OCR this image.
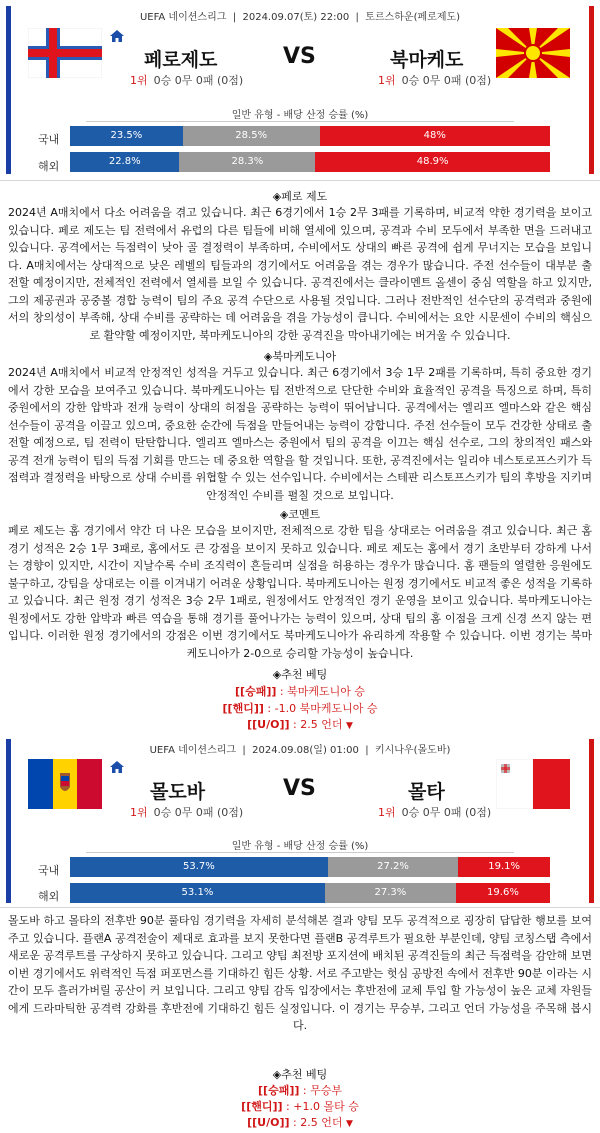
UEFA 네이션스리그  |  2024.09.07(토) 22:00  |  토르스하운(페로제도)
페로제도	VS	북마케도
1위 0승 0무 0패 (0점)	1위 0승 0무 0패 (0점)
일반 유형 - 배당 산정 승률 (%)
국내	23.5%	28.5%	48%
해외	22.8%	28.3%	48.9%
◈페로 제도
2024년 A매치에서 다소 어려움을 겪고 있습니다. 최근 6경기에서 1승 2무 3패를 기록하며, 비교적 약한 경기력을 보이고 있습니다. 페로 제도는 팀 전력에서 유럽의 다른 팀들에 비해 열세에 있으며, 공격과 수비 모두에서 부족한 면을 드러내고 있습니다. 공격에서는 득점력이 낮아 골 결정력이 부족하며, 수비에서도 상대의 빠른 공격에 쉽게 무너지는 모습을 보입니다. A매치에서는 상대적으로 낮은 레벨의 팀들과의 경기에서도 어려움을 겪는 경우가 많습니다. 주전 선수들이 대부분 출전할 예정이지만, 전체적인 전력에서 열세를 보일 수 있습니다. 공격진에서는 클라이멘트 올센이 중심 역할을 하고 있지만, 그의 제공권과 공중볼 경합 능력이 팀의 주요 공격 수단으로 사용될 것입니다. 그러나 전반적인 선수단의 공격력과 중원에서의 창의성이 부족해, 상대 수비를 공략하는 데 어려움을 겪을 가능성이 큽니다. 수비에서는 요안 시문센이 수비의 핵심으로 활약할 예정이지만, 북마케도니아의 강한 공격진을 막아내기에는 버거울 수 있습니다.
◈북마케도니아
2024년 A매치에서 비교적 안정적인 성적을 거두고 있습니다. 최근 6경기에서 3승 1무 2패를 기록하며, 특히 중요한 경기에서 강한 모습을 보여주고 있습니다. 북마케도니아는 팀 전반적으로 단단한 수비와 효율적인 공격을 특징으로 하며, 특히 중원에서의 강한 압박과 전개 능력이 상대의 허점을 공략하는 능력이 뛰어납니다. 공격에서는 엘리프 엘마스와 같은 핵심 선수들이 공격을 이끌고 있으며, 중요한 순간에 득점을 만들어내는 능력이 강합니다. 주전 선수들이 모두 건강한 상태로 출전할 예정으로, 팀 전력이 탄탄합니다. 엘리프 엘마스는 중원에서 팀의 공격을 이끄는 핵심 선수로, 그의 창의적인 패스와 공격 전개 능력이 팀의 득점 기회를 만드는 데 중요한 역할을 할 것입니다. 또한, 공격진에서는 일리야 네스토로프스키가 득점력과 결정력을 바탕으로 상대 수비를 위협할 수 있는 선수입니다. 수비에서는 스테판 리스토프스키가 팀의 후방을 지키며 안정적인 수비를 펼칠 것으로 보입니다.
◈코멘트
페로 제도는 홈 경기에서 약간 더 나은 모습을 보이지만, 전체적으로 강한 팀을 상대로는 어려움을 겪고 있습니다. 최근 홈 경기 성적은 2승 1무 3패로, 홈에서도 큰 강점을 보이지 못하고 있습니다. 페로 제도는 홈에서 경기 초반부터 강하게 나서는 경향이 있지만, 시간이 지날수록 수비 조직력이 흔들리며 실점을 허용하는 경우가 많습니다. 홈 팬들의 열렬한 응원에도 불구하고, 강팀을 상대로는 이를 이겨내기 어려운 상황입니다. 북마케도니아는 원정 경기에서도 비교적 좋은 성적을 기록하고 있습니다. 최근 원정 경기 성적은 3승 2무 1패로, 원정에서도 안정적인 경기 운영을 보이고 있습니다. 북마케도니아는 원정에서도 강한 압박과 빠른 역습을 통해 경기를 풀어나가는 능력이 있으며, 상대 팀의 홈 이점을 크게 신경 쓰지 않는 편입니다. 이러한 원정 경기에서의 강점은 이번 경기에서도 북마케도니아가 유리하게 작용할 수 있습니다. 이번 경기는 북마케도니아가 2-0으로 승리할 가능성이 높습니다.
◈추천 베팅
[[승패]] : 북마케도니아 승
[[핸디]] : -1.0 북마케도니아 승
[[U/O]] : 2.5 언더 ▼
UEFA 네이션스리그  |  2024.09.08(일) 01:00  |  키시나우(몰도바)
몰도바	VS	몰타
1위 0승 0무 0패 (0점)	1위 0승 0무 0패 (0점)
일반 유형 - 배당 산정 승률 (%)
국내	53.7%	27.2%	19.1%
해외	53.1%	27.3%	19.6%
몰도바 하고 몰타의 전후반 90분 풀타임 경기력을 자세히 분석해본 결과 양팀 모두 공격적으로 굉장히 답답한 행보를 보여주고 있습니다. 플랜A 공격전술이 제대로 효과를 보지 못한다면 플랜B 공격루트가 필요한 부분인데, 양팀 코칭스탭 측에서 새로운 공격루트를 구상하지 못하고 있습니다. 그리고 양팀 최전방 포지션에 배치된 공격진들의 최근 득점력을 감안해 보면 이번 경기에서도 위력적인 득점 퍼포먼스를 기대하긴 힘든 상황. 서로 주고받는 헛심 공방전 속에서 전후반 90분 이라는 시간이 모두 흘러가버릴 공산이 커 보입니다. 그리고 양팀 감독 입장에서는 후반전에 교체 투입 할 가능성이 높은 교체 자원들에게 드라마틱한 공격력 강화를 후반전에 기대하긴 힘든 실정입니다. 이 경기는 무승부, 그리고 언더 가능성을 주목해 봅시다.
◈추천 베팅
[[승패]] : 무승부
[[핸디]] : +1.0 몰타 승
[[U/O]] : 2.5 언더 ▼
